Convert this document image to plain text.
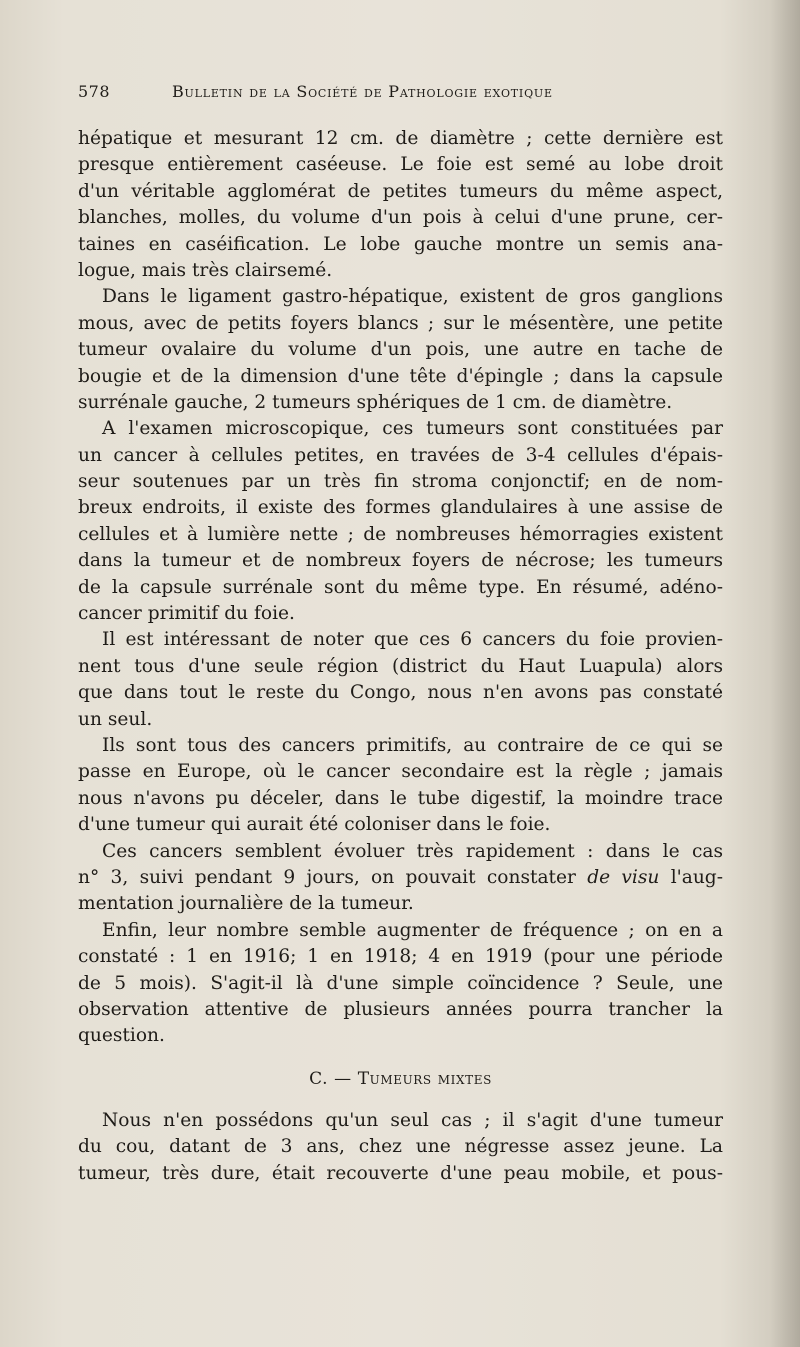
578	Bulletin de la Société de Pathologie exotique
hépatique et mesurant 12 cm. de diamètre ; cette dernière est
presque entièrement caséeuse. Le foie est semé au lobe droit
d'un véritable agglomérat de petites tumeurs du même aspect,
blanches, molles, du volume d'un pois à celui d'une prune, cer-
taines en caséification. Le lobe gauche montre un semis ana-
logue, mais très clairsemé.
Dans le ligament gastro-hépatique, existent de gros ganglions
mous, avec de petits foyers blancs ; sur le mésentère, une petite
tumeur ovalaire du volume d'un pois, une autre en tache de
bougie et de la dimension d'une tête d'épingle ; dans la capsule
surrénale gauche, 2 tumeurs sphériques de 1 cm. de diamètre.
A l'examen microscopique, ces tumeurs sont constituées par
un cancer à cellules petites, en travées de 3-4 cellules d'épais-
seur soutenues par un très fin stroma conjonctif; en de nom-
breux endroits, il existe des formes glandulaires à une assise de
cellules et à lumière nette ; de nombreuses hémorragies existent
dans la tumeur et de nombreux foyers de nécrose; les tumeurs
de la capsule surrénale sont du même type. En résumé, adéno-
cancer primitif du foie.
Il est intéressant de noter que ces 6 cancers du foie provien-
nent tous d'une seule région (district du Haut Luapula) alors
que dans tout le reste du Congo, nous n'en avons pas constaté
un seul.
Ils sont tous des cancers primitifs, au contraire de ce qui se
passe en Europe, où le cancer secondaire est la règle ; jamais
nous n'avons pu déceler, dans le tube digestif, la moindre trace
d'une tumeur qui aurait été coloniser dans le foie.
Ces cancers semblent évoluer très rapidement : dans le cas
n° 3, suivi pendant 9 jours, on pouvait constater de visu l'aug-
mentation journalière de la tumeur.
Enfin, leur nombre semble augmenter de fréquence ; on en a
constaté : 1 en 1916; 1 en 1918; 4 en 1919 (pour une période
de 5 mois). S'agit-il là d'une simple coïncidence ? Seule, une
observation attentive de plusieurs années pourra trancher la
question.
C. — Tumeurs mixtes
Nous n'en possédons qu'un seul cas ; il s'agit d'une tumeur
du cou, datant de 3 ans, chez une négresse assez jeune. La
tumeur, très dure, était recouverte d'une peau mobile, et pous-
